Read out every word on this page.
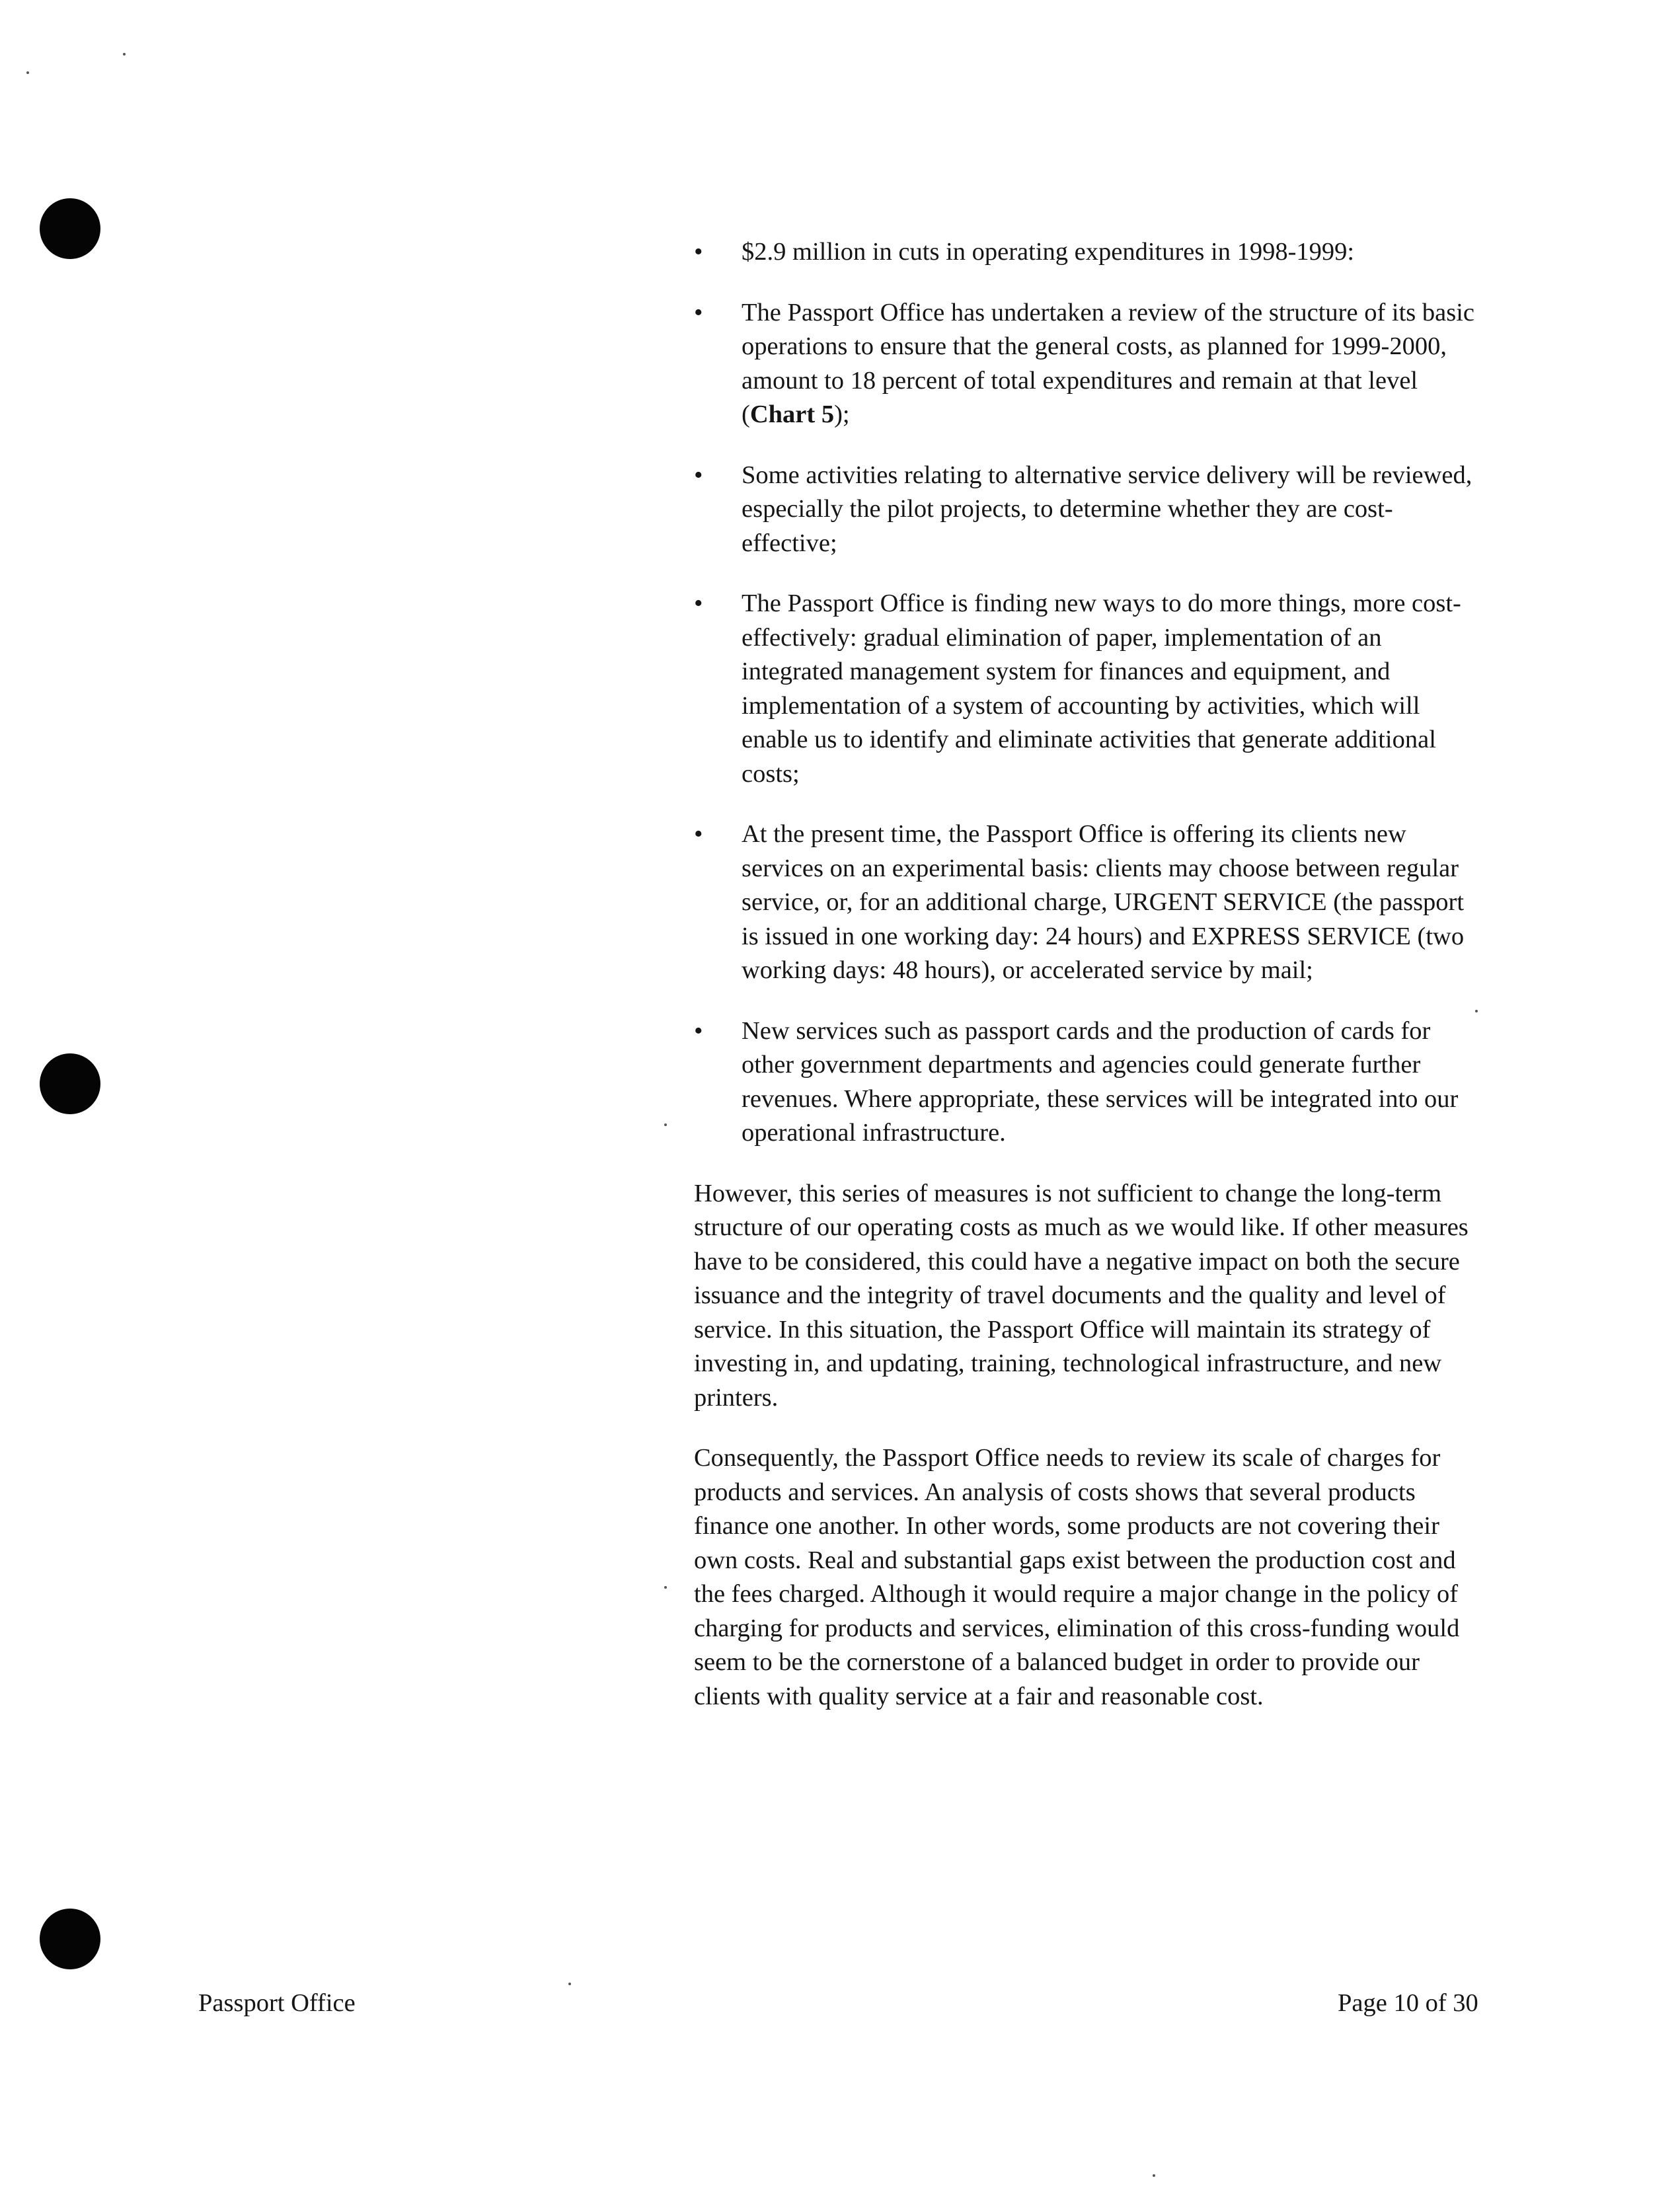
•	$2.9 million in cuts in operating expenditures in 1998-1999:
•	The Passport Office has undertaken a review of the structure of its basic operations to ensure that the general costs, as planned for 1999-2000, amount to 18 percent of total expenditures and remain at that level (Chart 5);
•	Some activities relating to alternative service delivery will be reviewed, especially the pilot projects, to determine whether they are cost-effective;
•	The Passport Office is finding new ways to do more things, more cost-effectively: gradual elimination of paper, implementation of an integrated management system for finances and equipment, and implementation of a system of accounting by activities, which will enable us to identify and eliminate activities that generate additional costs;
•	At the present time, the Passport Office is offering its clients new services on an experimental basis: clients may choose between regular service, or, for an additional charge, URGENT SERVICE (the passport is issued in one working day: 24 hours) and EXPRESS SERVICE (two working days: 48 hours), or accelerated service by mail;
•	New services such as passport cards and the production of cards for other government departments and agencies could generate further revenues. Where appropriate, these services will be integrated into our operational infrastructure.

However, this series of measures is not sufficient to change the long-term structure of our operating costs as much as we would like. If other measures have to be considered, this could have a negative impact on both the secure issuance and the integrity of travel documents and the quality and level of service. In this situation, the Passport Office will maintain its strategy of investing in, and updating, training, technological infrastructure, and new printers.

Consequently, the Passport Office needs to review its scale of charges for products and services. An analysis of costs shows that several products finance one another. In other words, some products are not covering their own costs. Real and substantial gaps exist between the production cost and the fees charged. Although it would require a major change in the policy of charging for products and services, elimination of this cross-funding would seem to be the cornerstone of a balanced budget in order to provide our clients with quality service at a fair and reasonable cost.

Passport Office	Page 10 of 30
